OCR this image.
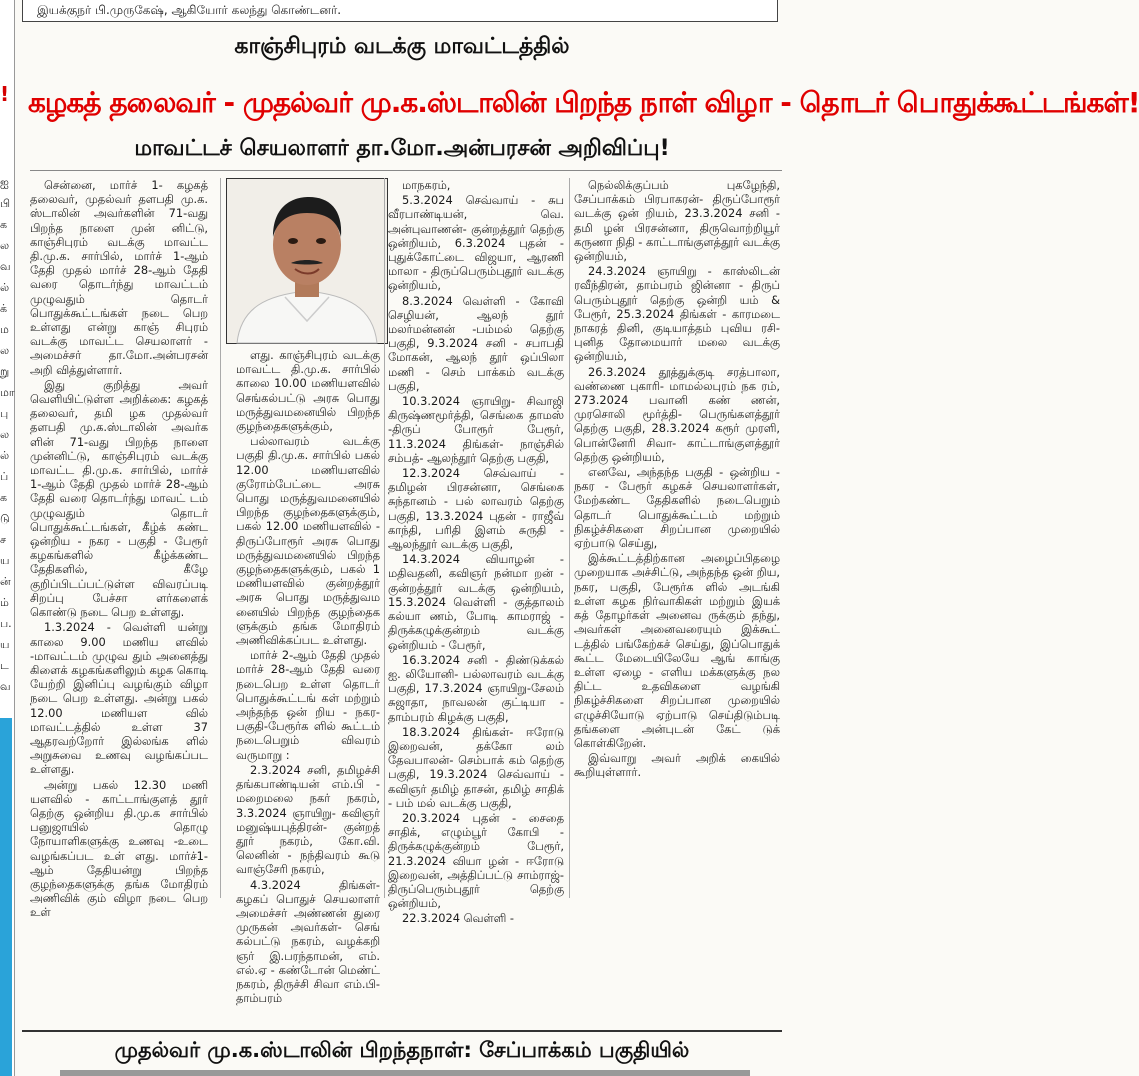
!
ஐ
பி
க
ல
வ
ல்
க்
ம
ல
று
மா
பு
ல
ல்
ப்
க
டு
ச
ய
ன்
ம்
ப.
ய
ட
வ
இயக்குநர் பி.முருகேஷ், ஆகியோர் கலந்து கொண்டனர்.
காஞ்சிபுரம் வடக்கு மாவட்டத்தில்
கழகத் தலைவர் - முதல்வர் மு.க.ஸ்டாலின் பிறந்த நாள் விழா - தொடர் பொதுக்கூட்டங்கள்!
மாவட்டச் செயலாளர் தா.மோ.அன்பரசன் அறிவிப்பு!

சென்னை, மார்ச் 1- கழகத் தலைவர், முதல்வர் தளபதி மு.க. ஸ்டாலின் அவர்களின் 71-வது பிறந்த நாளை முன் னிட்டு, காஞ்சிபுரம் வடக்கு மாவட்ட தி.மு.க. சார்பில், மார்ச் 1-ஆம் தேதி முதல் மார்ச் 28-ஆம் தேதி வரை தொடர்ந்து மாவட்டம் முழுவதும் தொடர் பொதுக்கூட்டங்கள் நடை பெற உள்ளது என்று காஞ் சிபுரம் வடக்கு மாவட்ட செயலாளர் - அமைச்சர் தா.மோ.அன்பரசன் அறி வித்துள்ளார்.

இது குறித்து அவர் வெளியிட்டுள்ள அறிக்கை: கழகத் தலைவர், தமி ழக முதல்வர் தளபதி மு.க.ஸ்டாலின் அவர்க ளின் 71-வது பிறந்த நாளை முன்னிட்டு, காஞ்சிபுரம் வடக்கு மாவட்ட தி.மு.க. சார்பில், மார்ச் 1-ஆம் தேதி முதல் மார்ச் 28-ஆம் தேதி வரை தொடர்ந்து மாவட் டம் முழுவதும் தொடர் பொதுக்கூட்டங்கள், கீழ்க் கண்ட ஒன்றிய - நகர - பகுதி - பேரூர் கழகங்களில் கீழ்க்கண்ட தேதிகளில், கீழே குறிப்பிடப்பட்டுள்ள விவரப்படி சிறப்பு பேச்சா ளர்களைக் கொண்டு நடை பெற உள்ளது.

1.3.2024 - வெள்ளி யன்று காலை 9.00 மணிய ளவில் -மாவட்டம் முழுவ தும் அனைத்து கிளைக் கழகங்களிலும் கழக கொடி யேற்றி இனிப்பு வழங்கும் விழா நடை பெற உள்ளது. அன்று பகல் 12.00 மணியள வில் மாவட்டத்தில் உள்ள 37 ஆதரவற்றோர் இல்லங்க ளில் அறுசுவை உணவு வழங்கப்பட உள்ளது.

அன்று பகல் 12.30 மணி யளவில் - காட்டாங்குளத் தூர் தெற்கு ஒன்றிய தி.மு.க சார்பில் பனுஜாயில் தொழு நோயாளிகளுக்கு உணவு -உடை வழங்கப்பட உள் ளது. மார்ச்1-ஆம் தேதியன்று பிறந்த குழந்தைகளுக்கு தங்க மோதிரம் அணிவிக் கும் விழா நடை பெற உள்

ளது. காஞ்சிபுரம் வடக்கு மாவட்ட தி.மு.க. சார்பில் காலை 10.00 மணியளவில் செங்கல்பட்டு அரசு பொது மருத்துவமனையில் பிறந்த குழந்தைகளுக்கும்,

பல்லாவரம் வடக்கு பகுதி தி.மு.க. சார்பில் பகல் 12.00 மணியளவில் குரோம்பேட்டை அரசு பொது மருத்துவமனையில் பிறந்த குழந்தைகளுக்கும், பகல் 12.00 மணியளவில் - திருப்போரூர் அரசு பொது மருத்துவமனையில் பிறந்த குழந்தைகளுக்கும், பகல் 1 மணியளவில் குன்றத்தூர் அரசு பொது மருத்துவம னையில் பிறந்த குழந்தைக ளுக்கும் தங்க மோதிரம் அணிவிக்கப்பட உள்ளது.

மார்ச் 2-ஆம் தேதி முதல் மார்ச் 28-ஆம் தேதி வரை நடைபெற உள்ள தொடர் பொதுக்கூட்டங் கள் மற்றும் அந்தந்த ஒன் றிய - நகர-பகுதி-பேரூர்க ளில் கூட்டம் நடைபெறும் விவரம் வருமாறு :

2.3.2024 சனி, தமிழச்சி தங்கபாண்டியன் எம்.பி - மறைமலை நகர் நகரம், 3.3.2024 ஞாயிறு- கவிஞர் மனுஷ்யபுத்திரன்- குன்றத் தூர் நகரம், கோ.வி. லெனின் - நந்திவரம் கூடு வாஞ்சேரி நகரம்,

4.3.2024 திங்கள்- கழகப் பொதுச் செயலாளர் அமைச்சர் அண்ணன் துரை முருகன் அவர்கள்- செங் கல்பட்டு நகரம், வழக்கறி ஞர் இ.பரந்தாமன், எம். எல்.ஏ - கண்டோன் மெண்ட் நகரம், திருச்சி சிவா எம்.பி- தாம்பரம்

மாநகரம்,

5.3.2024 செவ்வாய் - சுப வீரபாண்டியன், வெ. அன்புவாணன்- குன்றத்தூர் தெற்கு ஒன்றியம், 6.3.2024 புதன் - புதுக்கோட்டை விஜயா, ஆரணி மாலா - திருப்பெரும்புதூர் வடக்கு ஒன்றியம்,

8.3.2024 வெள்ளி - கோவி செழியன், ஆலந் தூர் மலர்மன்னன் -பம்மல் தெற்கு பகுதி, 9.3.2024 சனி - சபாபதி மோகன், ஆலந் தூர் ஒப்பிலா மணி - செம் பாக்கம் வடக்கு பகுதி,

10.3.2024 ஞாயிறு- சிவாஜி கிருஷ்ணமூர்த்தி, செங்கை தாமஸ் -திருப் போரூர் பேரூர், 11.3.2024 திங்கள்- நாஞ்சில் சம்பத்- ஆலந்தூர் தெற்கு பகுதி,

12.3.2024 செவ்வாய் - தமிழன் பிரசன்னா, செங்கை சுந்தானம் - பல் லாவரம் தெற்கு பகுதி, 13.3.2024 புதன் - ராஜீவ் காந்தி, பரிதி இளம் சுருதி - ஆலந்தூர் வடக்கு பகுதி,

14.3.2024 வியாழன் - மதிவதனி, கவிஞர் நன்மா றன் - குன்றத்தூர் வடக்கு ஒன்றியம், 15.3.2024 வெள்ளி - குத்தாலம் கல்யா ணம், போடி காமராஜ் - திருக்கழுக்குன்றம் வடக்கு ஒன்றியம் - பேரூர்,

16.3.2024 சனி - திண்டுக்கல் ஐ. லியோனி- பல்லாவரம் வடக்கு பகுதி, 17.3.2024 ஞாயிறு-சேலம் சுஜாதா, நாவலன் குட்டியா - தாம்பரம் கிழக்கு பகுதி,

18.3.2024 திங்கள்- ஈரோடு இறைவன், தக்கோ லம் தேவபாலன்- செம்பாக் கம் தெற்கு பகுதி, 19.3.2024 செவ்வாய் - கவிஞர் தமிழ் தாசன், தமிழ் சாதிக் - பம் மல் வடக்கு பகுதி,

20.3.2024 புதன் - சைதை சாதிக், எழும்பூர் கோபி - திருக்கழுக்குன்றம் பேரூர், 21.3.2024 வியா ழன் - ஈரோடு இறைவன், அத்திப்பட்டு சாம்ராஜ்- திருப்பெரும்புதூர் தெற்கு ஒன்றியம்,

22.3.2024 வெள்ளி -

நெல்லிக்குப்பம் புகழேந்தி, சேப்பாக்கம் பிரபாகரன்- திருப்போரூர் வடக்கு ஒன் றியம், 23.3.2024 சனி - தமி ழன் பிரசன்னா, திருவொற்றியூர் கருணா நிதி - காட்டாங்குளத்தூர் வடக்கு ஒன்றியம்,

24.3.2024 ஞாயிறு - காஸ்லிடன் ரவீந்திரன், தாம்பரம் ஜின்னா - திருப் பெரும்புதூர் தெற்கு ஒன்றி யம் & பேரூர், 25.3.2024 திங்கள் - காரமடை நாகரத் தினி, குடியாத்தம் புவிய ரசி- புனித தோமையார் மலை வடக்கு ஒன்றியம்,

26.3.2024 தூத்துக்குடி சரத்பாலா, வண்ணை புகாரி- மாமல்லபுரம் நக ரம், 273.2024 பவானி கண் ணன், முரசொலி மூர்த்தி- பெருங்களத்தூர் தெற்கு பகுதி, 28.3.2024 கரூர் முரளி, பொன்னேரி சிவா- காட்டாங்குளத்தூர் தெற்கு ஒன்றியம்,

எனவே, அந்தந்த பகுதி - ஒன்றிய - நகர - பேரூர் கழகச் செயலாளர்கள், மேற்கண்ட தேதிகளில் நடைபெறும் தொடர் பொதுக்கூட்டம் மற்றும் நிகழ்ச்சிகளை சிறப்பான முறையில் ஏற்பாடு செய்து,

இக்கூட்டத்திற்கான அழைப்பிதழை முறையாக அச்சிட்டு, அந்தந்த ஒன் றிய, நகர, பகுதி, பேரூர்க ளில் அடங்கி உள்ள கழக நிர்வாகிகள் மற்றும் இயக் கத் தோழர்கள் அனைவ ருக்கும் தந்து, அவர்கள் அனைவரையும் இக்கூட் டத்தில் பங்கேற்கச் செய்து, இப்பொதுக் கூட்ட மேடையிலேயே ஆங் காங்கு உள்ள ஏழை - எளிய மக்களுக்கு நல திட்ட உதவிகளை வழங்கி நிகழ்ச்சிகளை சிறப்பான முறையில் எழுச்சியோடு ஏற்பாடு செய்திடும்படி தங்களை அன்புடன் கேட் டுக் கொள்கிறேன்.

இவ்வாறு அவர் அறிக் கையில் கூறியுள்ளார்.

முதல்வர் மு.க.ஸ்டாலின் பிறந்தநாள்: சேப்பாக்கம் பகுதியில்
